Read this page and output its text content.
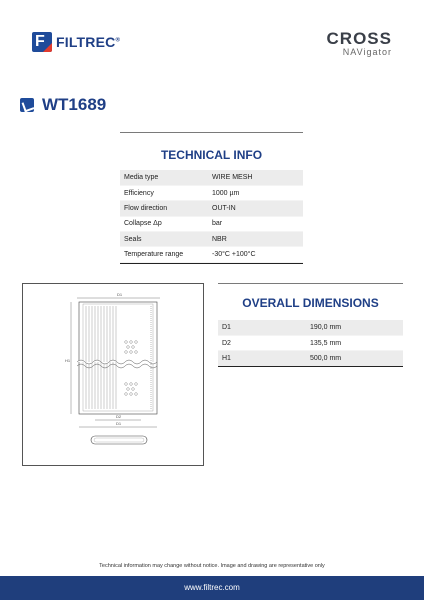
F FILTREC®	CROSS
NAVigator
WT1689
TECHNICAL INFO
Media type	WIRE MESH
Efficiency	1000 µm
Flow direction	OUT-IN
Collapse Δp	bar
Seals	NBR
Temperature range	-30°C +100°C
D1
H1
D2
D1
OVERALL DIMENSIONS
D1	190,0 mm
D2	135,5 mm
H1	500,0 mm
Technical information may change without notice. Image and drawing are representative only
www.filtrec.com
